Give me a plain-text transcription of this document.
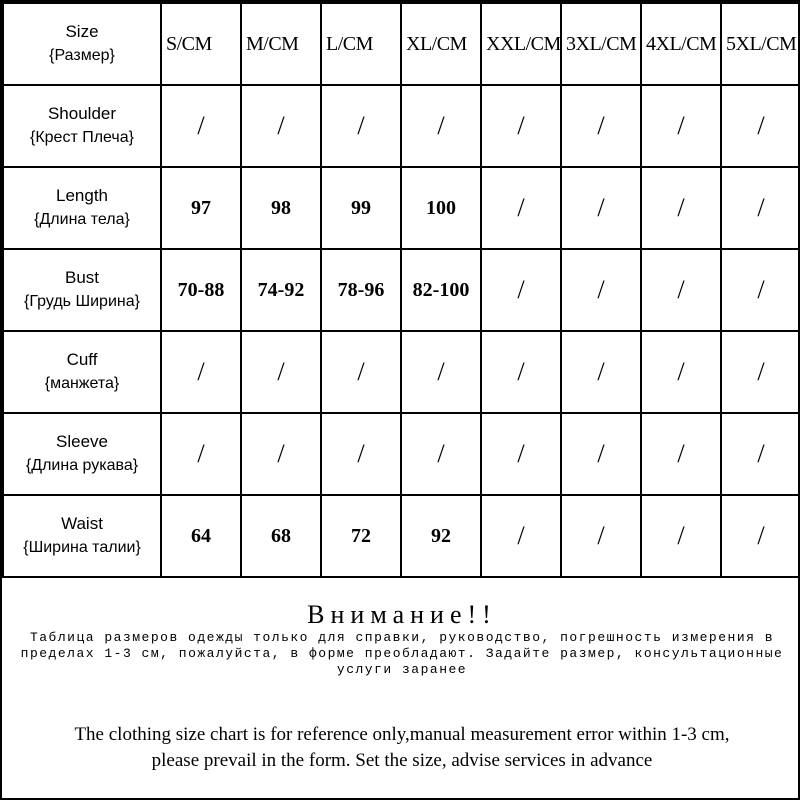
Size
{Размер}	S/CM	M/CM	L/CM	XL/CM	XXL/CM	3XL/CM	4XL/CM	5XL/CM

Shoulder
{Крест Плеча}	/	/	/	/	/	/	/	/

Length
{Длина тела}	97	98	99	100	/	/	/	/

Bust
{Грудь Ширина}	70-88	74-92	78-96	82-100	/	/	/	/

Cuff
{манжета}	/	/	/	/	/	/	/	/

Sleeve
{Длина рукава}	/	/	/	/	/	/	/	/

Waist
{Ширина талии}	64	68	72	92	/	/	/	/
Внимание!!
Таблица размеров одежды только для справки, руководство, погрешность измерения в пределах 1-3 см, пожалуйста, в форме преобладают. Задайте размер, консультационные услуги заранее
The clothing size chart is for reference only,manual measurement error within 1-3 cm,
please prevail in the form. Set the size, advise services in advance
